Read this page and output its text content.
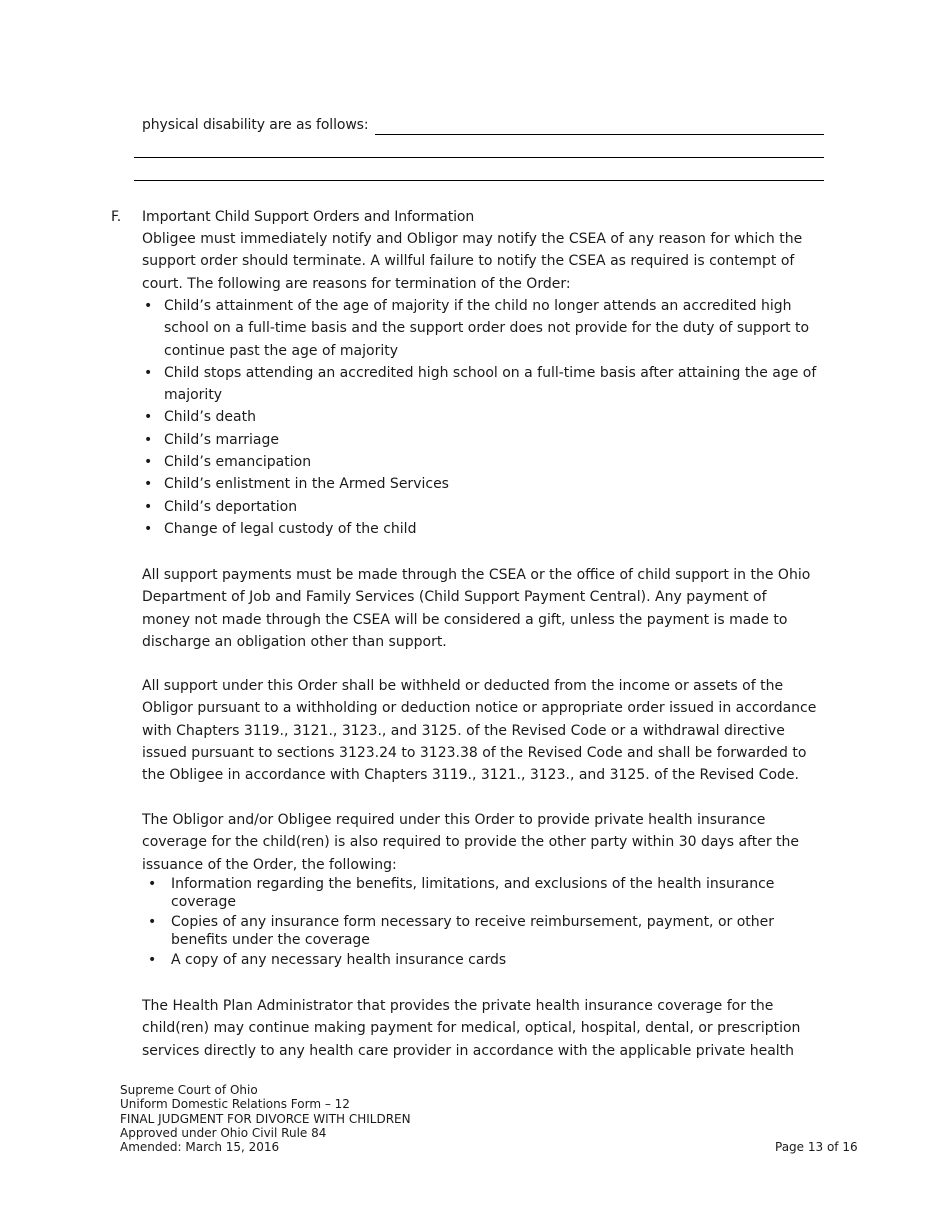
physical disability are as follows:
F. Important Child Support Orders and Information
Obligee must immediately notify and Obligor may notify the CSEA of any reason for which the
support order should terminate. A willful failure to notify the CSEA as required is contempt of
court. The following are reasons for termination of the Order:
• Child’s attainment of the age of majority if the child no longer attends an accredited high
school on a full-time basis and the support order does not provide for the duty of support to
continue past the age of majority
• Child stops attending an accredited high school on a full-time basis after attaining the age of
majority
• Child’s death
• Child’s marriage
• Child’s emancipation
• Child’s enlistment in the Armed Services
• Child’s deportation
• Change of legal custody of the child
All support payments must be made through the CSEA or the office of child support in the Ohio
Department of Job and Family Services (Child Support Payment Central). Any payment of
money not made through the CSEA will be considered a gift, unless the payment is made to
discharge an obligation other than support.
All support under this Order shall be withheld or deducted from the income or assets of the
Obligor pursuant to a withholding or deduction notice or appropriate order issued in accordance
with Chapters 3119., 3121., 3123., and 3125. of the Revised Code or a withdrawal directive
issued pursuant to sections 3123.24 to 3123.38 of the Revised Code and shall be forwarded to
the Obligee in accordance with Chapters 3119., 3121., 3123., and 3125. of the Revised Code.
The Obligor and/or Obligee required under this Order to provide private health insurance
coverage for the child(ren) is also required to provide the other party within 30 days after the
issuance of the Order, the following:
• Information regarding the benefits, limitations, and exclusions of the health insurance
coverage
• Copies of any insurance form necessary to receive reimbursement, payment, or other
benefits under the coverage
• A copy of any necessary health insurance cards
The Health Plan Administrator that provides the private health insurance coverage for the
child(ren) may continue making payment for medical, optical, hospital, dental, or prescription
services directly to any health care provider in accordance with the applicable private health
Supreme Court of Ohio
Uniform Domestic Relations Form – 12
FINAL JUDGMENT FOR DIVORCE WITH CHILDREN
Approved under Ohio Civil Rule 84
Amended: March 15, 2016	Page 13 of 16
